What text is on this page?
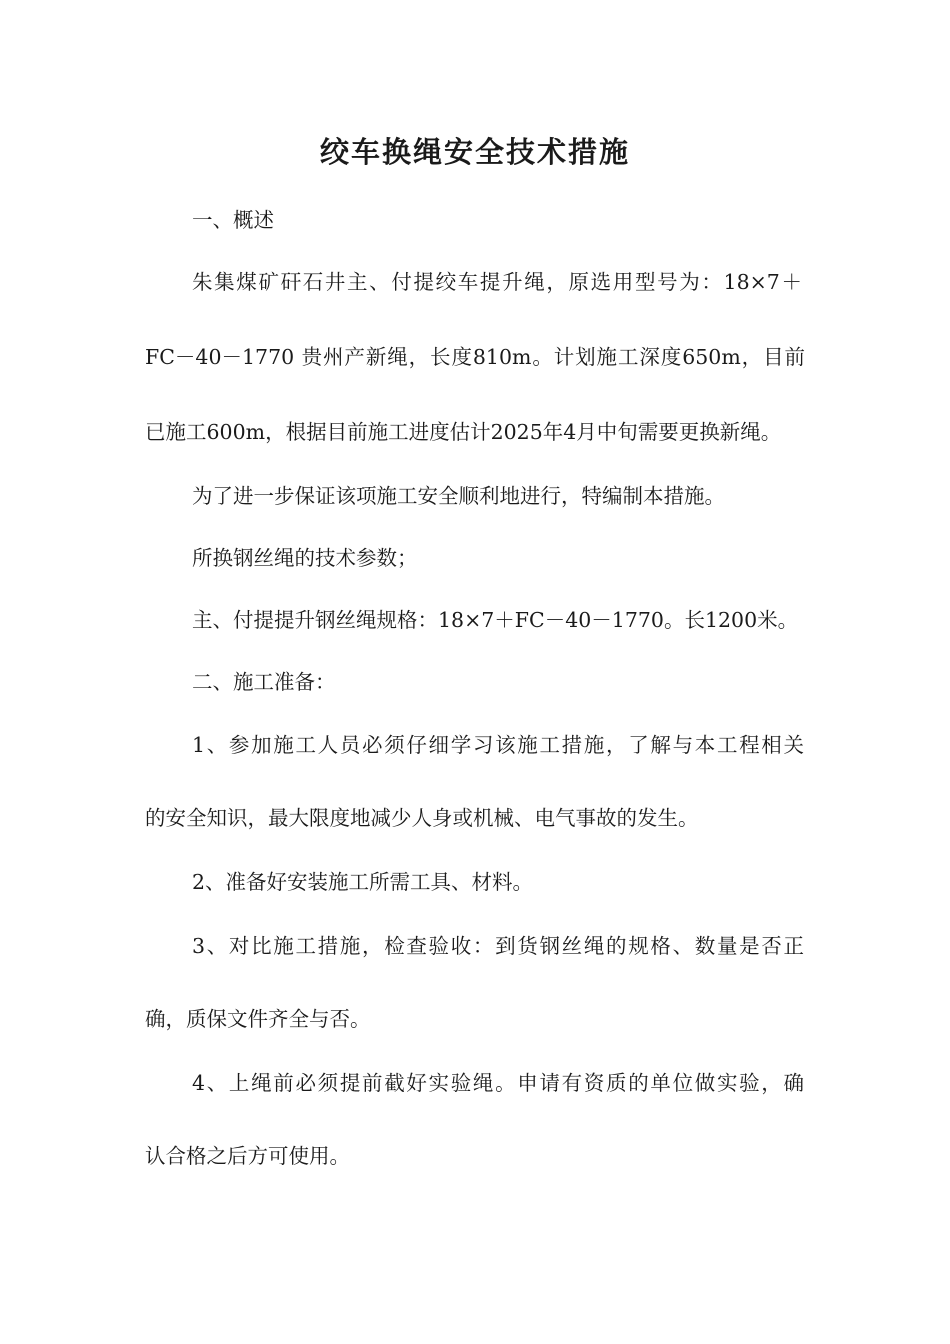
绞车换绳安全技术措施
一、概述
朱集煤矿矸石井主、付提绞车提升绳，原选用型号为：18×7＋
FC－40－1770 贵州产新绳，长度810m。计划施工深度650m，目前
已施工600m，根据目前施工进度估计2025年4月中旬需要更换新绳。
为了进一步保证该项施工安全顺利地进行，特编制本措施。
所换钢丝绳的技术参数；
主、付提提升钢丝绳规格：18×7＋FC－40－1770。长1200米。
二、施工准备：
1、参加施工人员必须仔细学习该施工措施，了解与本工程相关
的安全知识，最大限度地减少人身或机械、电气事故的发生。
2、准备好安装施工所需工具、材料。
3、对比施工措施，检查验收：到货钢丝绳的规格、数量是否正
确，质保文件齐全与否。
4、上绳前必须提前截好实验绳。申请有资质的单位做实验，确
认合格之后方可使用。
